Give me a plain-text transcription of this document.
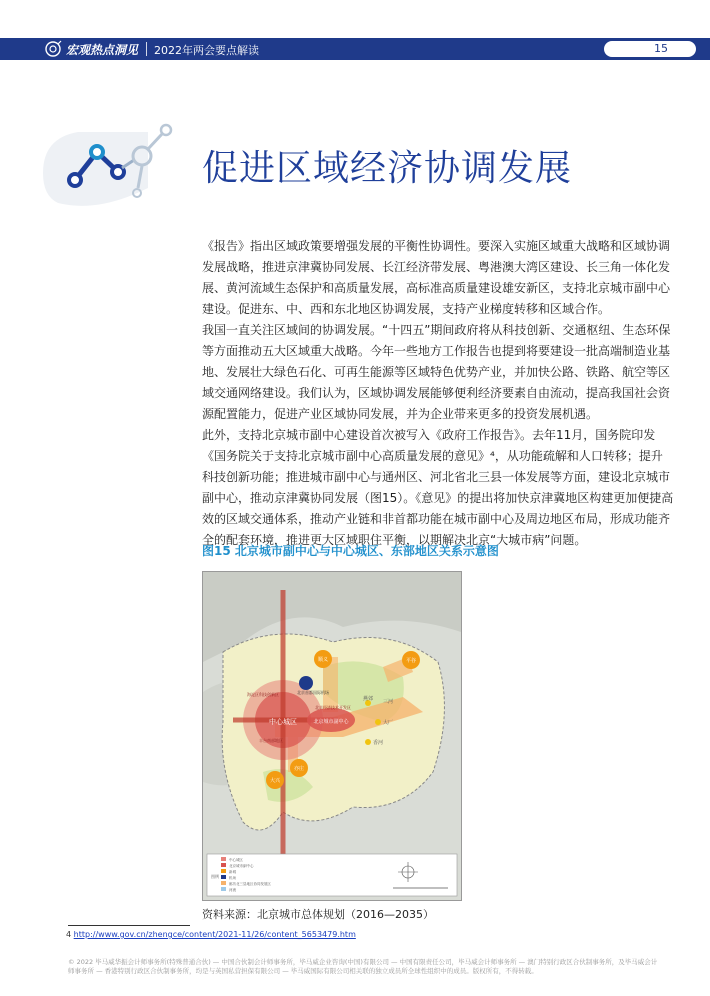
宏观热点洞见 2022年两会要点解读	15
促进区域经济协调发展
《报告》指出区域政策要增强发展的平衡性协调性。要深入实施区域重大战略和区域协调发展战略，推进京津冀协同发展、长江经济带发展、粤港澳大湾区建设、长三角一体化发展、黄河流域生态保护和高质量发展，高标准高质量建设雄安新区，支持北京城市副中心建设。促进东、中、西和东北地区协调发展，支持产业梯度转移和区域合作。
我国一直关注区域间的协调发展。“十四五”期间政府将从科技创新、交通枢纽、生态环保等方面推动五大区域重大战略。今年一些地方工作报告也提到将要建设一批高端制造业基地、发展壮大绿色石化、可再生能源等区域特色优势产业，并加快公路、铁路、航空等区域交通网络建设。我们认为，区域协调发展能够便利经济要素自由流动，提高我国社会资源配置能力，促进产业区域协同发展，并为企业带来更多的投资发展机遇。
此外，支持北京城市副中心建设首次被写入《政府工作报告》。去年11月，国务院印发《国务院关于支持北京城市副中心高质量发展的意见》⁴，从功能疏解和人口转移；提升科技创新功能；推进城市副中心与通州区、河北省北三县一体发展等方面，建设北京城市副中心，推动京津冀协同发展（图15）。《意见》的提出将加快京津冀地区构建更加便捷高效的区域交通体系，推动产业链和非首都功能在城市副中心及周边地区布局，形成功能齐全的配套环境，推进更大区域职住平衡，以期解决北京“大城市病”问题。
图15 北京城市副中心与中心城区、东部地区关系示意图
中心城区	北京城市副中心
顺义	平谷
大兴
亦庄
燕郊 三河
大厂
香河
北京首都国际机场
海淀区科技创新区
丰台南部地区
北京经济技术开发区
图例
中心城区
北京城市副中心
新城
机场
廊坊北三县地区协同发展区
河流
资料来源：北京城市总体规划（2016—2035）
4 http://www.gov.cn/zhengce/content/2021-11/26/content_5653479.htm
© 2022 毕马威华振会计师事务所(特殊普通合伙) — 中国合伙制会计师事务所，毕马威企业咨询(中国)有限公司 — 中国有限责任公司，毕马威会计师事务所 — 澳门特别行政区合伙制事务所，及毕马威会计师事务所 — 香港特别行政区合伙制事务所，均是与英国私营担保有限公司 — 毕马威国际有限公司相关联的独立成员所全球性组织中的成员。版权所有，不得转载。
